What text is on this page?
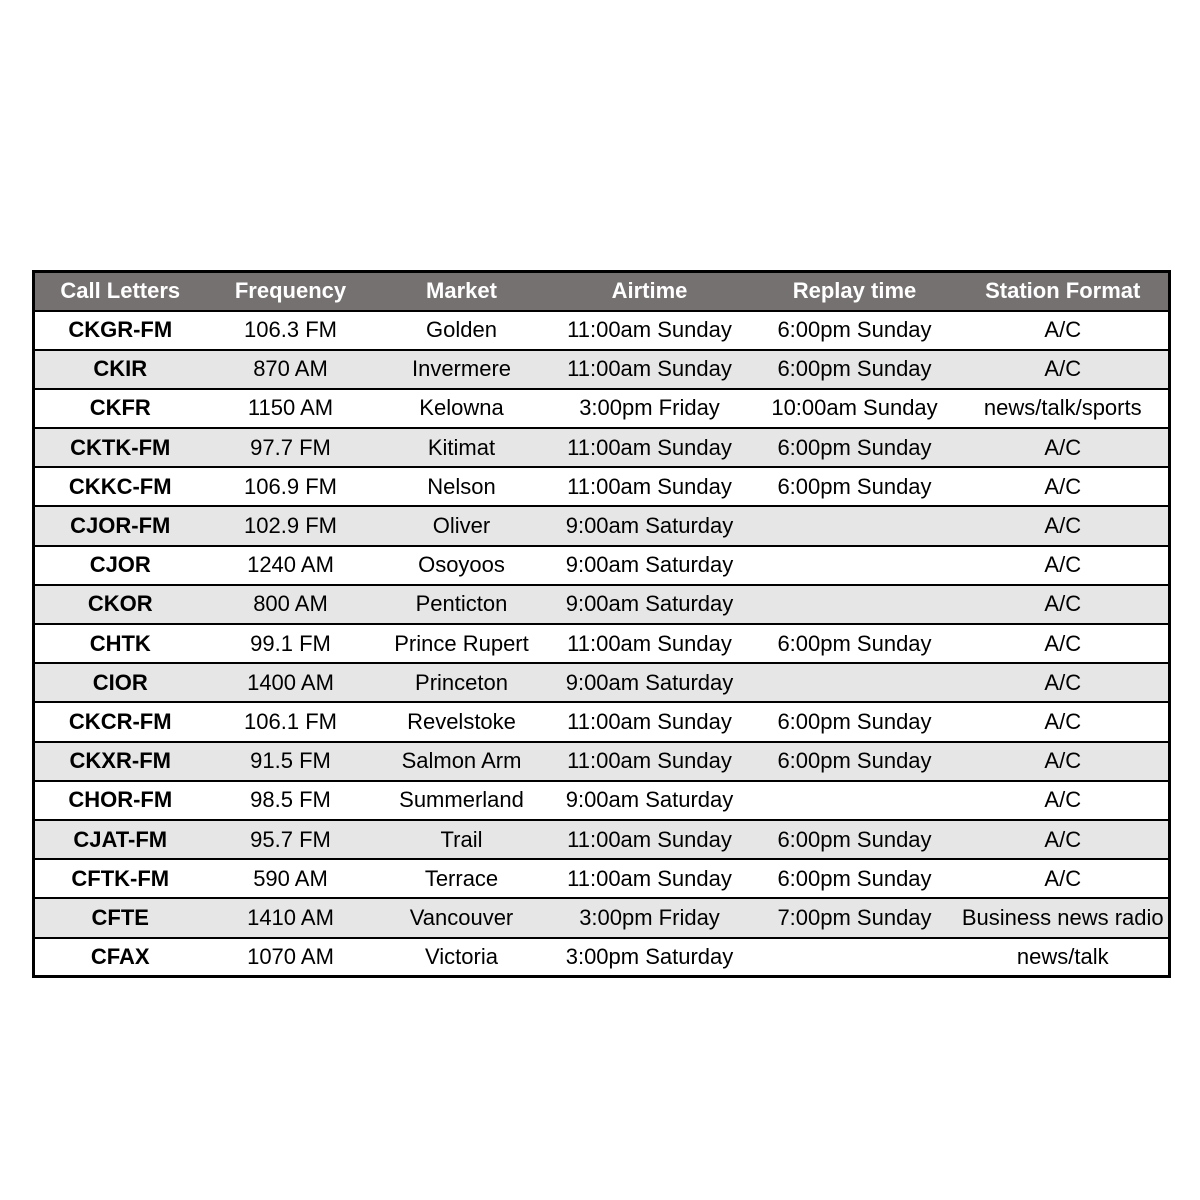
Call Letters	Frequency	Market	Airtime	Replay time	Station Format
CKGR-FM	106.3 FM	Golden	11:00am Sunday	6:00pm Sunday	A/C
CKIR	870 AM	Invermere	11:00am Sunday	6:00pm Sunday	A/C
CKFR	1150 AM	Kelowna	3:00pm Friday	10:00am Sunday	news/talk/sports
CKTK-FM	97.7 FM	Kitimat	11:00am Sunday	6:00pm Sunday	A/C
CKKC-FM	106.9 FM	Nelson	11:00am Sunday	6:00pm Sunday	A/C
CJOR-FM	102.9 FM	Oliver	9:00am Saturday		A/C
CJOR	1240 AM	Osoyoos	9:00am Saturday		A/C
CKOR	800 AM	Penticton	9:00am Saturday		A/C
CHTK	99.1 FM	Prince Rupert	11:00am Sunday	6:00pm Sunday	A/C
CIOR	1400 AM	Princeton	9:00am Saturday		A/C
CKCR-FM	106.1 FM	Revelstoke	11:00am Sunday	6:00pm Sunday	A/C
CKXR-FM	91.5 FM	Salmon Arm	11:00am Sunday	6:00pm Sunday	A/C
CHOR-FM	98.5 FM	Summerland	9:00am Saturday		A/C
CJAT-FM	95.7 FM	Trail	11:00am Sunday	6:00pm Sunday	A/C
CFTK-FM	590 AM	Terrace	11:00am Sunday	6:00pm Sunday	A/C
CFTE	1410 AM	Vancouver	3:00pm Friday	7:00pm Sunday	Business news radio
CFAX	1070 AM	Victoria	3:00pm Saturday		news/talk
